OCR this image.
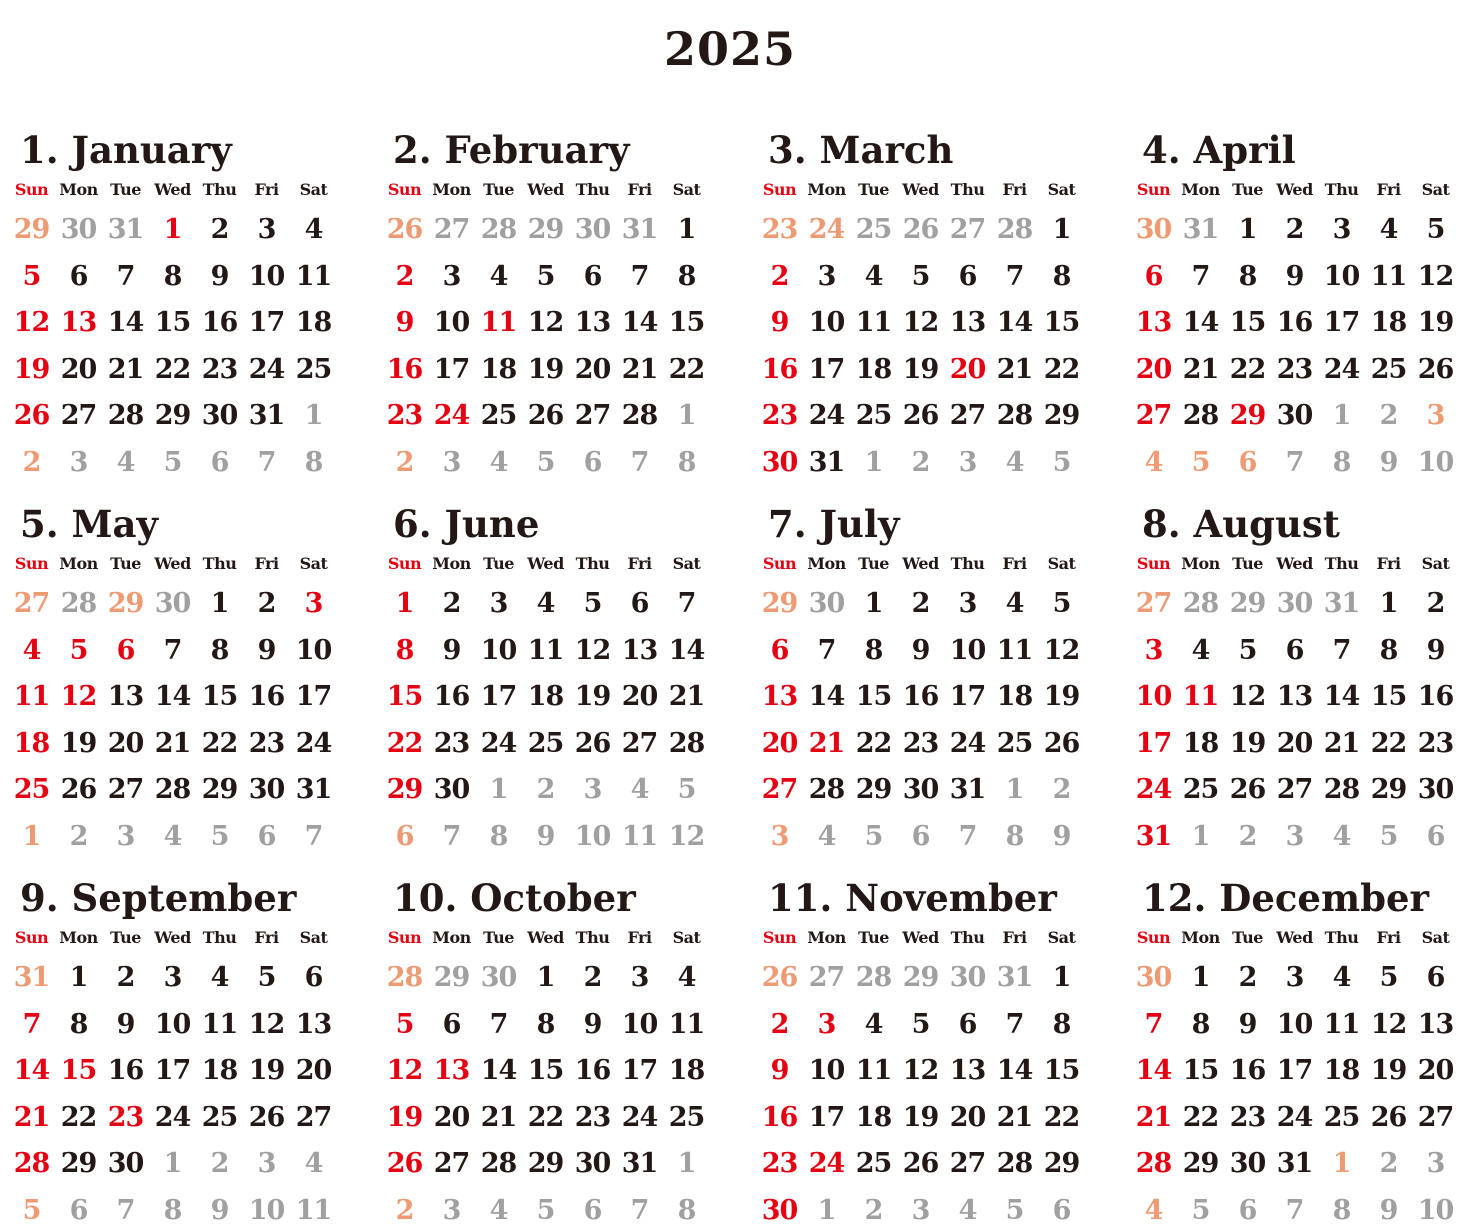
2025
1. January
Sun Mon Tue Wed Thu	Fri	Sat
29 30 31 1	2	3	4
5	6	7	8	9 10 11
12 13 14 15 16 17 18
19 20 21 22 23 24 25
26 27 28 29 30 31 1
2	3	4	5	6	7	8
2. February
Sun Mon Tue Wed Thu	Fri	Sat
26 27 28 29 30 31 1
2	3	4	5	6	7	8
9 10 11 12 13 14 15
16 17 18 19 20 21 22
23 24 25 26 27 28 1
2	3	4	5	6	7	8
3. March
Sun Mon Tue Wed Thu	Fri	Sat
23 24 25 26 27 28 1
2	3	4	5	6	7	8
9 10 11 12 13 14 15
16 17 18 19 20 21 22
23 24 25 26 27 28 29
30 31 1	2	3	4	5
4. April
Sun Mon Tue Wed Thu	Fri	Sat
30 31 1	2	3	4	5
6	7	8	9 10 11 12
13 14 15 16 17 18 19
20 21 22 23 24 25 26
27 28 29 30 1	2	3
4	5	6	7	8	9 10
5. May
Sun Mon Tue Wed Thu	Fri	Sat
27 28 29 30 1	2	3
4	5	6	7	8	9 10
11 12 13 14 15 16 17
18 19 20 21 22 23 24
25 26 27 28 29 30 31
1	2	3	4	5	6	7
6. June
Sun Mon Tue Wed Thu	Fri	Sat
1	2	3	4	5	6	7
8	9 10 11 12 13 14
15 16 17 18 19 20 21
22 23 24 25 26 27 28
29 30 1	2	3	4	5
6	7	8	9 10 11 12
7. July
Sun Mon Tue Wed Thu	Fri	Sat
29 30 1	2	3	4	5
6	7	8	9 10 11 12
13 14 15 16 17 18 19
20 21 22 23 24 25 26
27 28 29 30 31 1	2
3	4	5	6	7	8	9
8. August
Sun Mon Tue Wed Thu	Fri	Sat
27 28 29 30 31 1	2
3	4	5	6	7	8	9
10 11 12 13 14 15 16
17 18 19 20 21 22 23
24 25 26 27 28 29 30
31 1	2	3	4	5	6
9. September
Sun Mon Tue Wed Thu	Fri	Sat
31 1	2	3	4	5	6
7	8	9 10 11 12 13
14 15 16 17 18 19 20
21 22 23 24 25 26 27
28 29 30 1	2	3	4
5	6	7	8	9 10 11
10. October
Sun Mon Tue Wed Thu	Fri	Sat
28 29 30 1	2	3	4
5	6	7	8	9 10 11
12 13 14 15 16 17 18
19 20 21 22 23 24 25
26 27 28 29 30 31 1
2	3	4	5	6	7	8
11. November
Sun Mon Tue Wed Thu	Fri	Sat
26 27 28 29 30 31 1
2	3	4	5	6	7	8
9 10 11 12 13 14 15
16 17 18 19 20 21 22
23 24 25 26 27 28 29
30 1	2	3	4	5	6
12. December
Sun Mon Tue Wed Thu	Fri	Sat
30 1	2	3	4	5	6
7	8	9 10 11 12 13
14 15 16 17 18 19 20
21 22 23 24 25 26 27
28 29 30 31 1	2	3
4	5	6	7	8	9 10
